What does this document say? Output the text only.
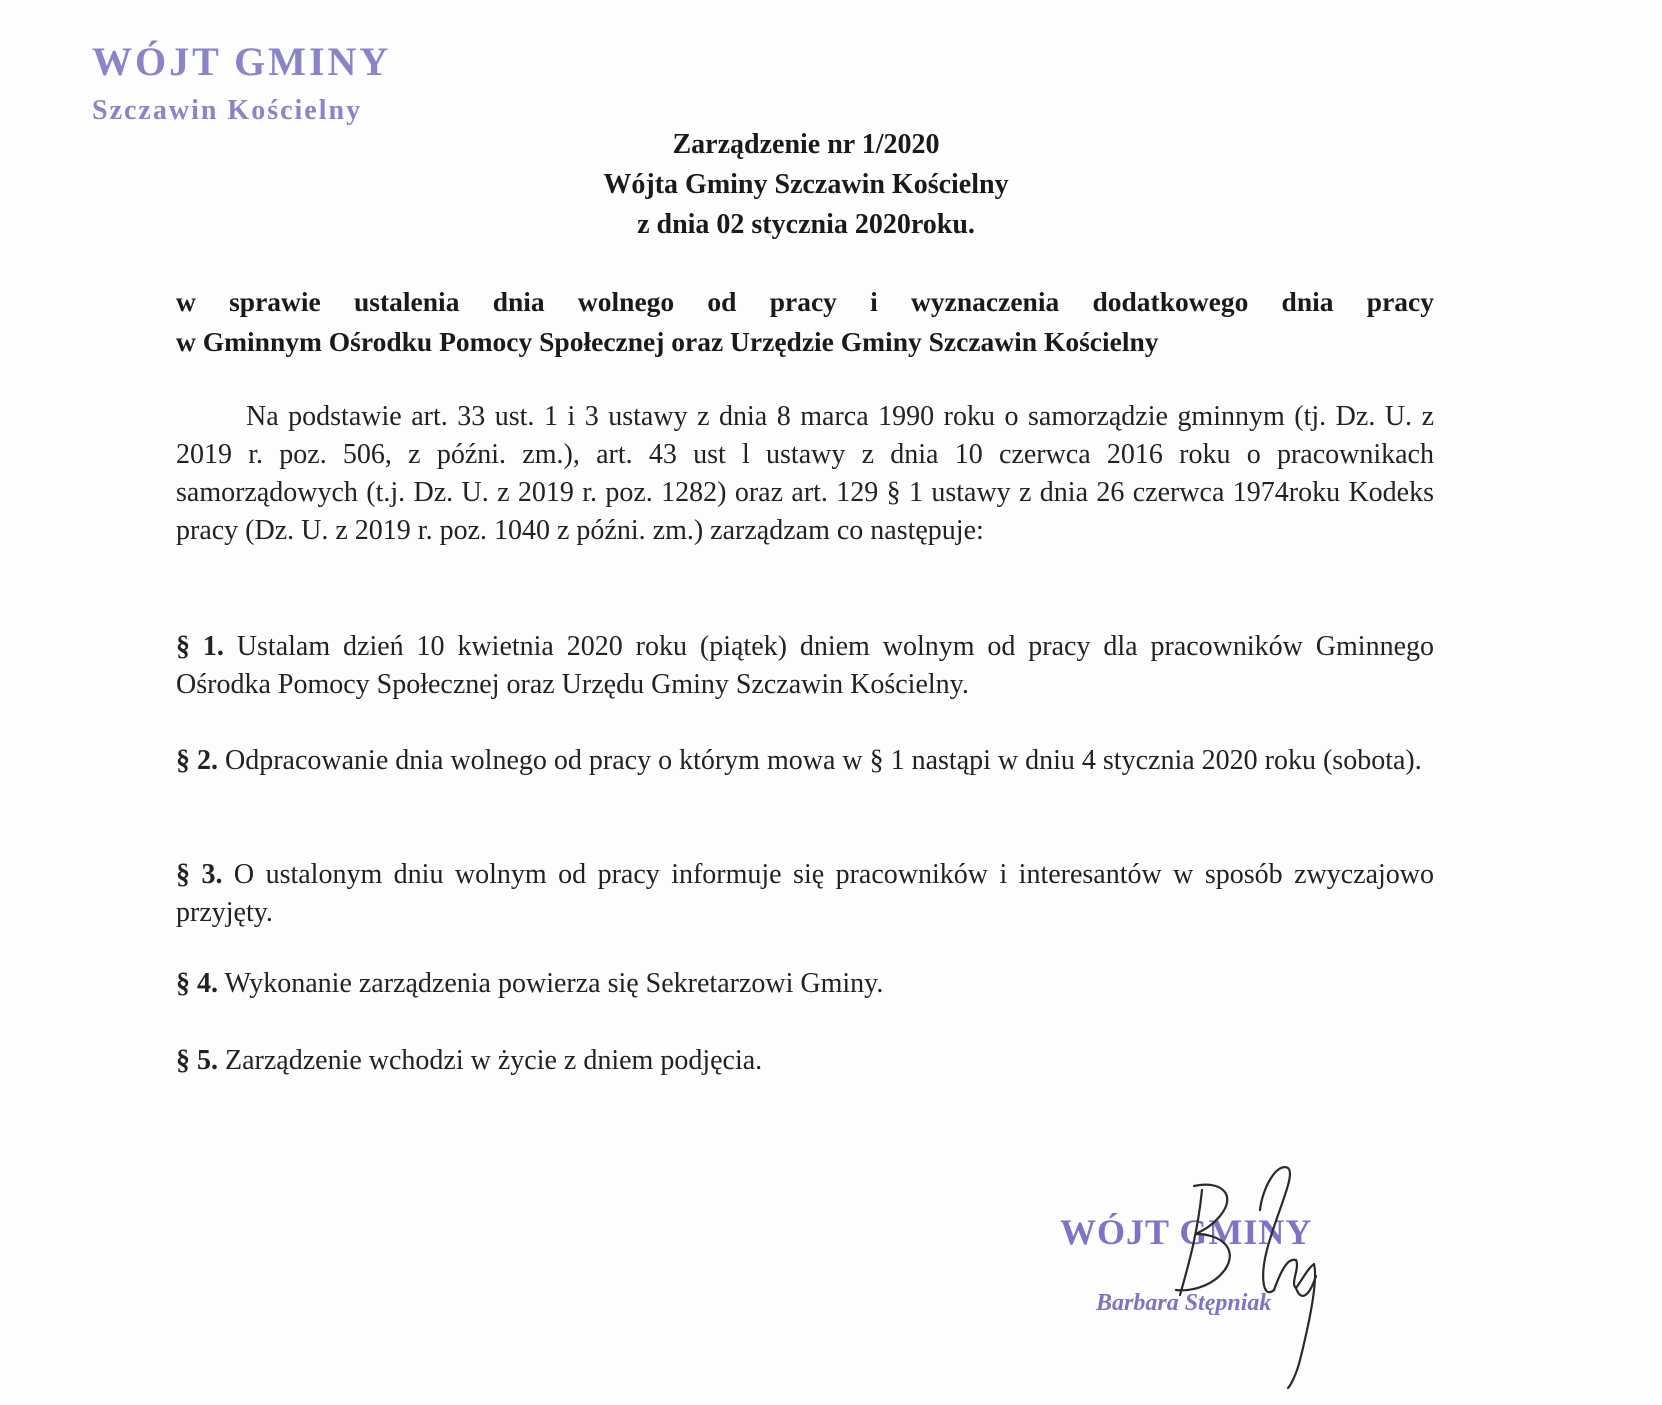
WÓJT GMINY
Szczawin Kościelny
Zarządzenie nr 1/2020
Wójta Gminy Szczawin Kościelny
z dnia 02 stycznia 2020roku.
w sprawie ustalenia dnia wolnego od pracy i wyznaczenia dodatkowego dnia pracy
w Gminnym Ośrodku Pomocy Społecznej oraz Urzędzie Gminy Szczawin Kościelny
Na podstawie art. 33 ust. 1 i 3 ustawy z dnia 8 marca 1990 roku o samorządzie gminnym (tj. Dz. U. z 2019 r. poz. 506, z późni. zm.), art. 43 ust l ustawy z dnia 10 czerwca 2016 roku o pracownikach samorządowych (t.j. Dz. U. z 2019 r. poz. 1282) oraz art. 129 § 1 ustawy z dnia 26 czerwca 1974roku Kodeks pracy (Dz. U. z 2019 r. poz. 1040 z późni. zm.) zarządzam co następuje:
§ 1. Ustalam dzień 10 kwietnia 2020 roku (piątek) dniem wolnym od pracy dla pracowników Gminnego Ośrodka Pomocy Społecznej oraz Urzędu Gminy Szczawin Kościelny.
§ 2. Odpracowanie dnia wolnego od pracy o którym mowa w § 1 nastąpi w dniu 4 stycznia 2020 roku (sobota).
§ 3. O ustalonym dniu wolnym od pracy informuje się pracowników i interesantów w sposób zwyczajowo przyjęty.
§ 4. Wykonanie zarządzenia powierza się Sekretarzowi Gminy.
§ 5. Zarządzenie wchodzi w życie z dniem podjęcia.
WÓJT GMINY
Barbara Stępniak
